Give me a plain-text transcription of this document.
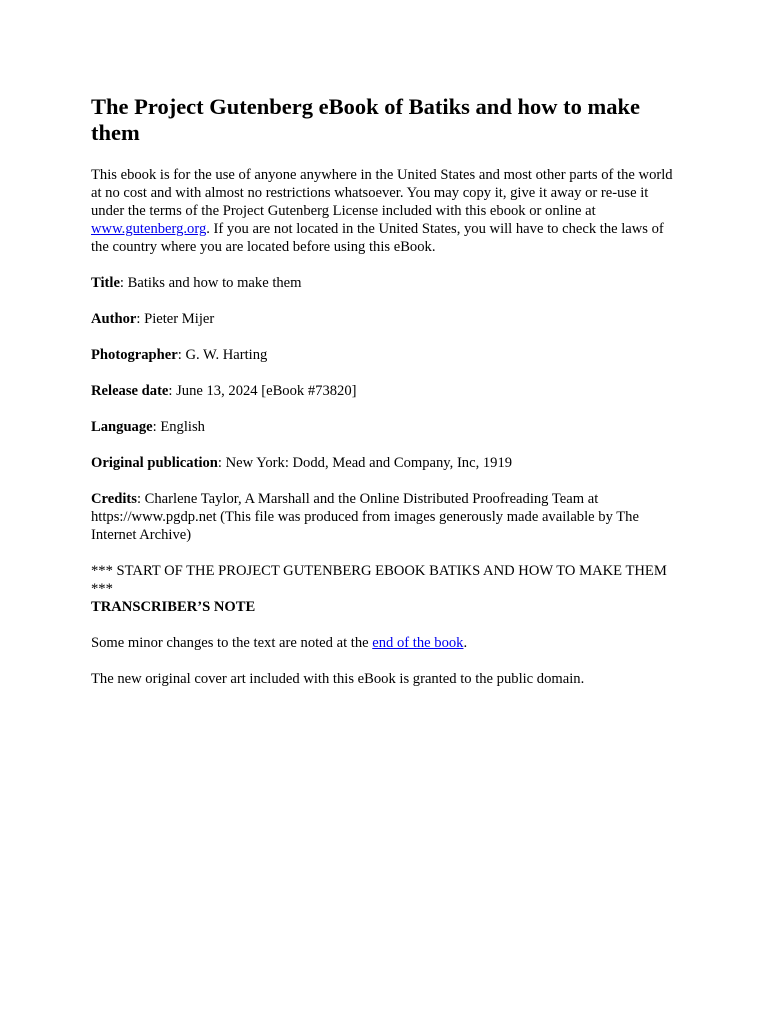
The Project Gutenberg eBook of Batiks and how to make them

This ebook is for the use of anyone anywhere in the United States and most other parts of the world at no cost and with almost no restrictions whatsoever. You may copy it, give it away or re-use it under the terms of the Project Gutenberg License included with this ebook or online at www.gutenberg.org. If you are not located in the United States, you will have to check the laws of the country where you are located before using this eBook.

Title: Batiks and how to make them

Author: Pieter Mijer

Photographer: G. W. Harting

Release date: June 13, 2024 [eBook #73820]

Language: English

Original publication: New York: Dodd, Mead and Company, Inc, 1919

Credits: Charlene Taylor, A Marshall and the Online Distributed Proofreading Team at https://www.pgdp.net (This file was produced from images generously made available by The Internet Archive)

*** START OF THE PROJECT GUTENBERG EBOOK BATIKS AND HOW TO MAKE THEM ***

TRANSCRIBER’S NOTE

Some minor changes to the text are noted at the end of the book.

The new original cover art included with this eBook is granted to the public domain.
